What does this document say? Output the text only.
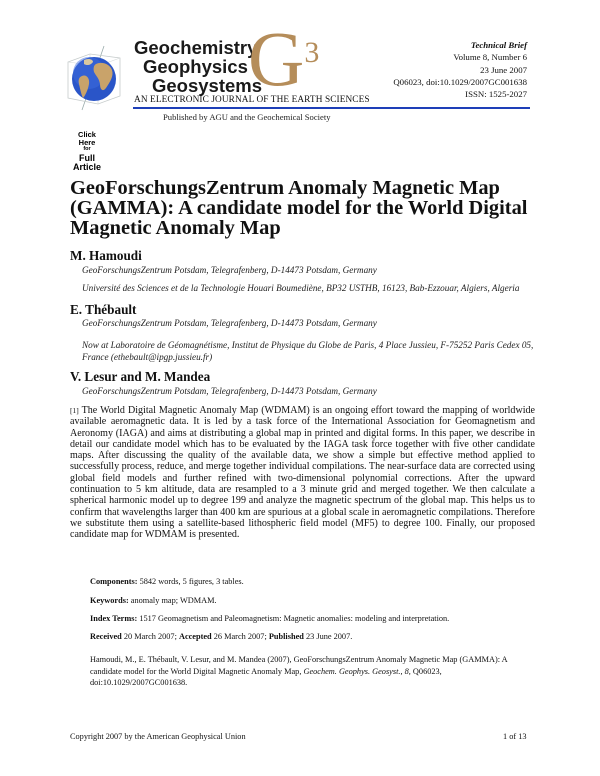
Geochemistry
Geophysics
Geosystems
$G^3$
AN ELECTRONIC JOURNAL OF THE EARTH SCIENCES
Published by AGU and the Geochemical Society
Technical Brief
Volume 8, Number 6
23 June 2007
Q06023, doi:10.1029/2007GC001638
ISSN: 1525-2027
Click
Here
for
Full
Article
GeoForschungsZentrum Anomaly Magnetic Map (GAMMA): A candidate model for the World Digital Magnetic Anomaly Map
M. Hamoudi
GeoForschungsZentrum Potsdam, Telegrafenberg, D-14473 Potsdam, Germany
Université des Sciences et de la Technologie Houari Boumediène, BP32 USTHB, 16123, Bab-Ezzouar, Algiers, Algeria
E. Thébault
GeoForschungsZentrum Potsdam, Telegrafenberg, D-14473 Potsdam, Germany
Now at Laboratoire de Géomagnétisme, Institut de Physique du Globe de Paris, 4 Place Jussieu, F-75252 Paris Cedex 05, France (ethebault@ipgp.jussieu.fr)
V. Lesur and M. Mandea
GeoForschungsZentrum Potsdam, Telegrafenberg, D-14473 Potsdam, Germany
[1] The World Digital Magnetic Anomaly Map (WDMAM) is an ongoing effort toward the mapping of worldwide available aeromagnetic data. It is led by a task force of the International Association for Geomagnetism and Aeronomy (IAGA) and aims at distributing a global map in printed and digital forms. In this paper, we describe in detail our candidate model which has to be evaluated by the IAGA task force together with five other candidate maps. After discussing the quality of the available data, we show a simple but effective method applied to successfully process, reduce, and merge together individual compilations. The near-surface data are corrected using global field models and further refined with two-dimensional polynomial corrections. After the upward continuation to 5 km altitude, data are resampled to a 3 minute grid and merged together. We then calculate a spherical harmonic model up to degree 199 and analyze the magnetic spectrum of the global map. This helps us to confirm that wavelengths larger than 400 km are spurious at a global scale in aeromagnetic compilations. Therefore we substitute them using a satellite-based lithospheric field model (MF5) to degree 100. Finally, our proposed candidate map for WDMAM is presented.
Components: 5842 words, 5 figures, 3 tables.
Keywords: anomaly map; WDMAM.
Index Terms: 1517 Geomagnetism and Paleomagnetism: Magnetic anomalies: modeling and interpretation.
Received 20 March 2007; Accepted 26 March 2007; Published 23 June 2007.
Hamoudi, M., E. Thébault, V. Lesur, and M. Mandea (2007), GeoForschungsZentrum Anomaly Magnetic Map (GAMMA): A candidate model for the World Digital Magnetic Anomaly Map, Geochem. Geophys. Geosyst., 8, Q06023, doi:10.1029/2007GC001638.
Copyright 2007 by the American Geophysical Union	1 of 13
